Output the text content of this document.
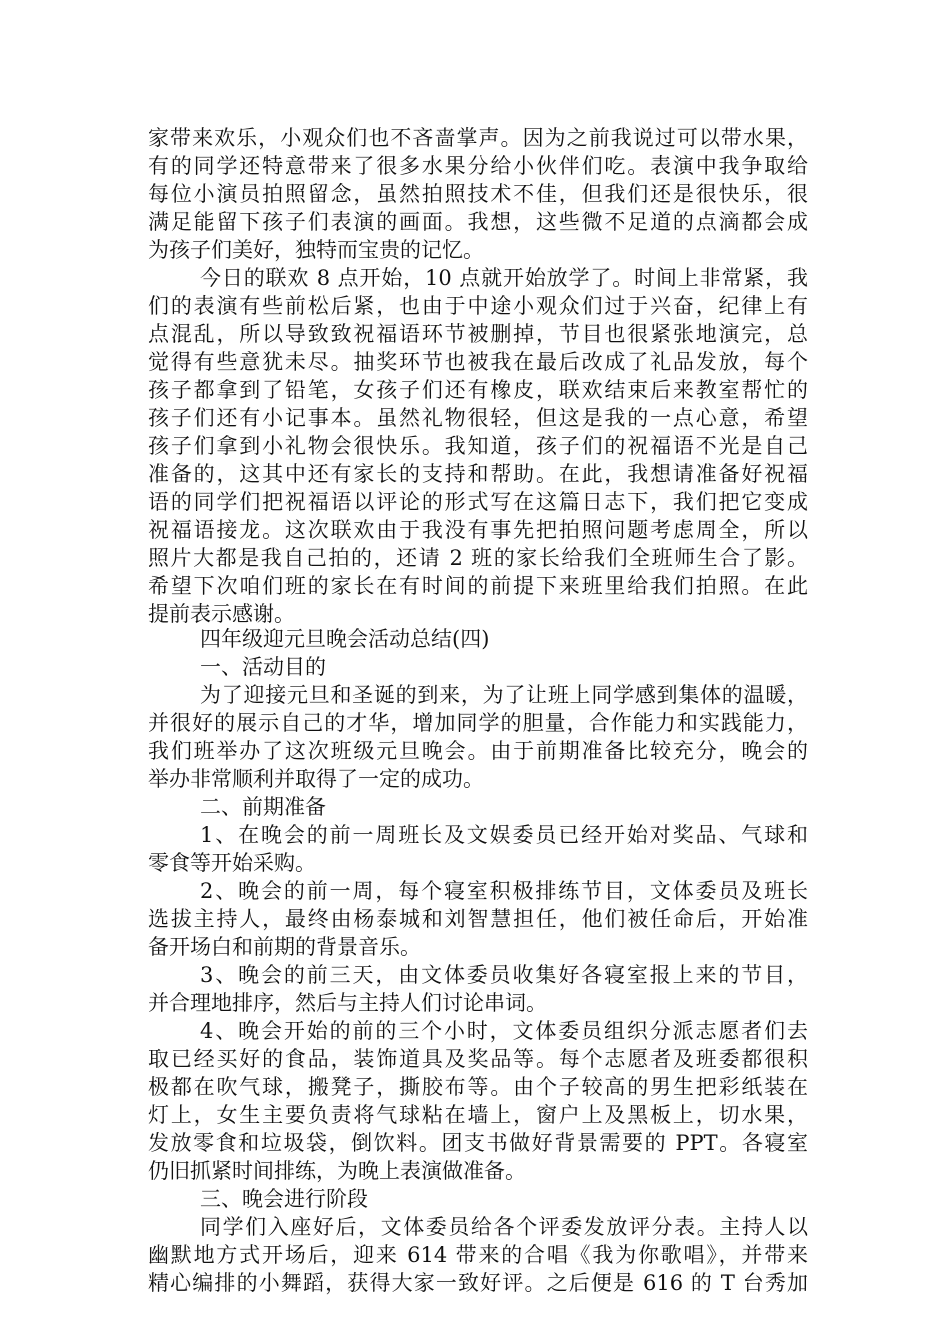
家带来欢乐，小观众们也不吝啬掌声。因为之前我说过可以带水果，
有的同学还特意带来了很多水果分给小伙伴们吃。表演中我争取给
每位小演员拍照留念，虽然拍照技术不佳，但我们还是很快乐，很
满足能留下孩子们表演的画面。我想，这些微不足道的点滴都会成
为孩子们美好，独特而宝贵的记忆。
今日的联欢 8 点开始，10 点就开始放学了。时间上非常紧，我
们的表演有些前松后紧，也由于中途小观众们过于兴奋，纪律上有
点混乱，所以导致致祝福语环节被删掉，节目也很紧张地演完，总
觉得有些意犹未尽。抽奖环节也被我在最后改成了礼品发放，每个
孩子都拿到了铅笔，女孩子们还有橡皮，联欢结束后来教室帮忙的
孩子们还有小记事本。虽然礼物很轻，但这是我的一点心意，希望
孩子们拿到小礼物会很快乐。我知道，孩子们的祝福语不光是自己
准备的，这其中还有家长的支持和帮助。在此，我想请准备好祝福
语的同学们把祝福语以评论的形式写在这篇日志下，我们把它变成
祝福语接龙。这次联欢由于我没有事先把拍照问题考虑周全，所以
照片大都是我自己拍的，还请 2 班的家长给我们全班师生合了影。
希望下次咱们班的家长在有时间的前提下来班里给我们拍照。在此
提前表示感谢。
四年级迎元旦晚会活动总结(四)
一、活动目的
为了迎接元旦和圣诞的到来，为了让班上同学感到集体的温暖，
并很好的展示自己的才华，增加同学的胆量，合作能力和实践能力，
我们班举办了这次班级元旦晚会。由于前期准备比较充分，晚会的
举办非常顺利并取得了一定的成功。
二、前期准备
1、在晚会的前一周班长及文娱委员已经开始对奖品、气球和
零食等开始采购。
2、晚会的前一周，每个寝室积极排练节目，文体委员及班长
选拔主持人，最终由杨泰城和刘智慧担任，他们被任命后，开始准
备开场白和前期的背景音乐。
3、晚会的前三天，由文体委员收集好各寝室报上来的节目，
并合理地排序，然后与主持人们讨论串词。
4、晚会开始的前的三个小时，文体委员组织分派志愿者们去
取已经买好的食品，装饰道具及奖品等。每个志愿者及班委都很积
极都在吹气球，搬凳子，撕胶布等。由个子较高的男生把彩纸装在
灯上，女生主要负责将气球粘在墙上，窗户上及黑板上，切水果，
发放零食和垃圾袋，倒饮料。团支书做好背景需要的 PPT。各寝室
仍旧抓紧时间排练，为晚上表演做准备。
三、晚会进行阶段
同学们入座好后，文体委员给各个评委发放评分表。主持人以
幽默地方式开场后，迎来 614 带来的合唱《我为你歌唱》，并带来
精心编排的小舞蹈，获得大家一致好评。之后便是 616 的 T 台秀加
